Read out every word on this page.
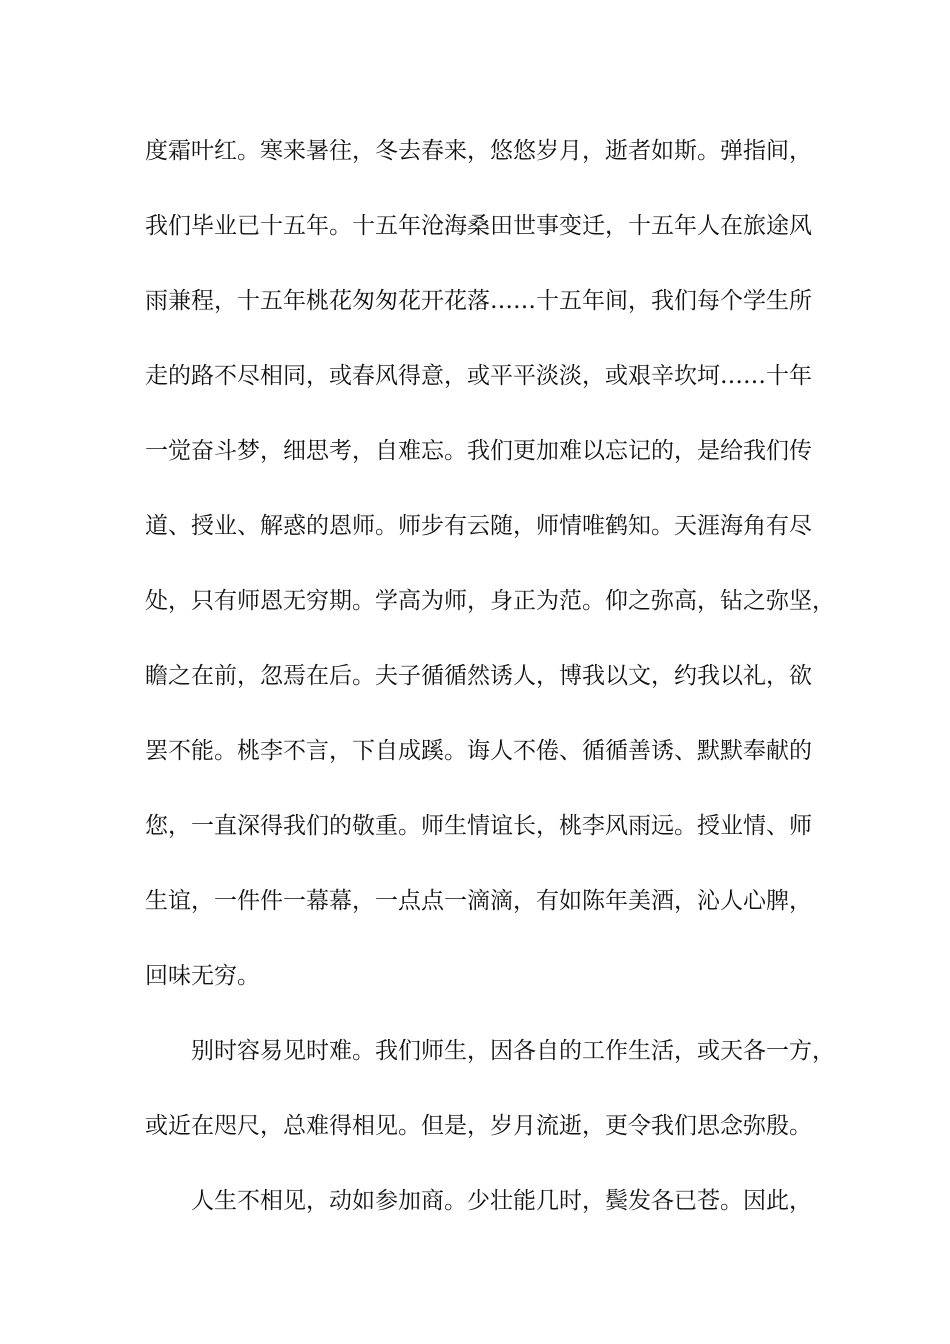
度霜叶红。寒来暑往，冬去春来，悠悠岁月，逝者如斯。弹指间，
我们毕业已十五年。十五年沧海桑田世事变迁，十五年人在旅途风
雨兼程，十五年桃花匆匆花开花落……十五年间，我们每个学生所
走的路不尽相同，或春风得意，或平平淡淡，或艰辛坎坷……十年
一觉奋斗梦，细思考，自难忘。我们更加难以忘记的，是给我们传
道、授业、解惑的恩师。师步有云随，师情唯鹤知。天涯海角有尽
处，只有师恩无穷期。学高为师，身正为范。仰之弥高，钻之弥坚，
瞻之在前，忽焉在后。夫子循循然诱人，博我以文，约我以礼，欲
罢不能。桃李不言，下自成蹊。诲人不倦、循循善诱、默默奉献的
您，一直深得我们的敬重。师生情谊长，桃李风雨远。授业情、师
生谊，一件件一幕幕，一点点一滴滴，有如陈年美酒，沁人心脾，
回味无穷。
别时容易见时难。我们师生，因各自的工作生活，或天各一方，
或近在咫尺，总难得相见。但是，岁月流逝，更令我们思念弥殷。
人生不相见，动如参加商。少壮能几时，鬓发各已苍。因此，
